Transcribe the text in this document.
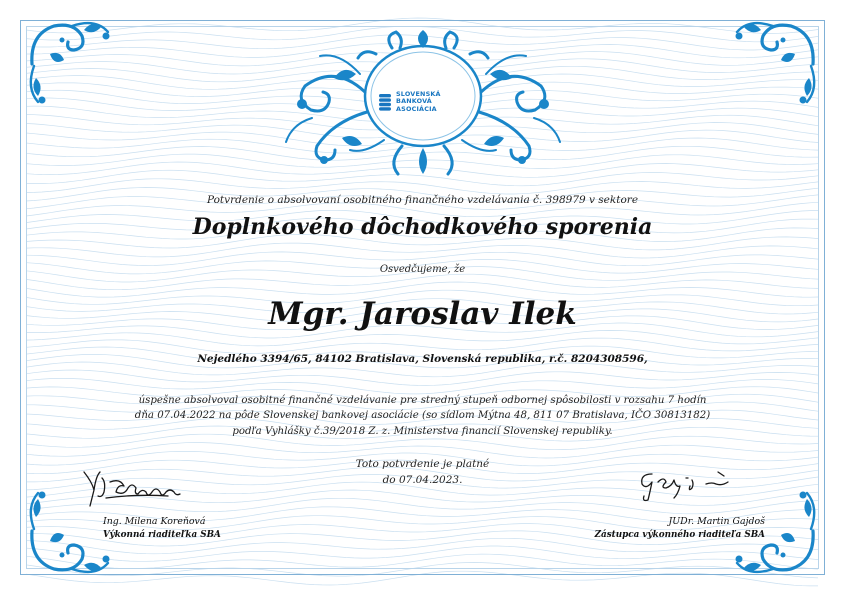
SLOVENSKÁ
BANKOVÁ
ASOCIÁCIA
Potvrdenie o absolvovaní osobitného finančného vzdelávania č. 398979 v sektore
Doplnkového dôchodkového sporenia
Osvedčujeme, že
Mgr. Jaroslav Ilek
Nejedlého 3394/65, 84102 Bratislava, Slovenská republika, r.č. 8204308596,
úspešne absolvoval osobitné finančné vzdelávanie pre stredný stupeň odbornej spôsobilosti v rozsahu 7 hodín
dňa 07.04.2022 na pôde Slovenskej bankovej asociácie (so sídlom Mýtna 48, 811 07 Bratislava, IČO 30813182)
podľa Vyhlášky č.39/2018 Z. z. Ministerstva financií Slovenskej republiky.
Toto potvrdenie je platné
do 07.04.2023.
Ing. Milena Koreňová
Výkonná riaditeľka SBA
JUDr. Martin Gajdoš
Zástupca výkonného riaditeľa SBA
